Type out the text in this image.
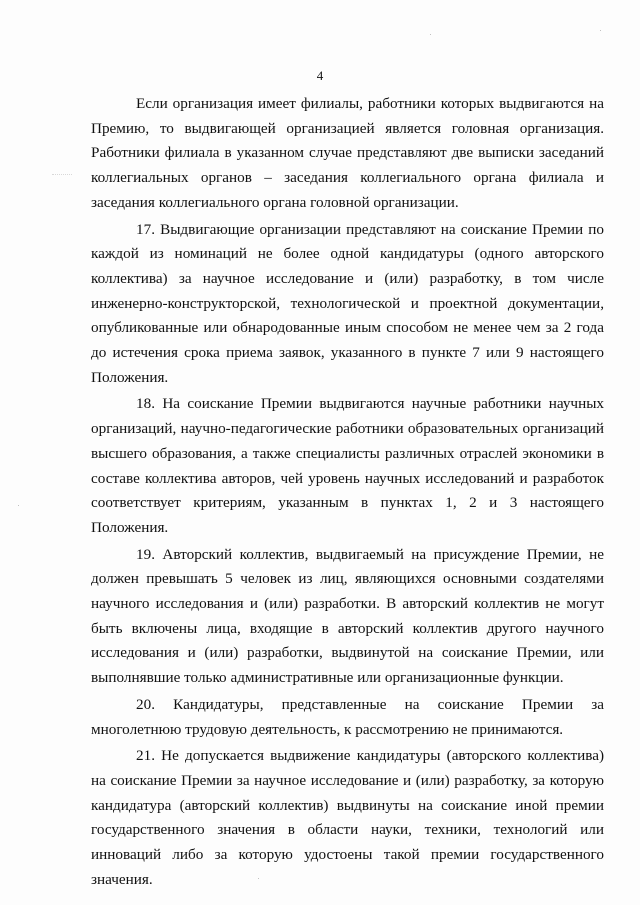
4

Если организация имеет филиалы, работники которых выдвигаются на Премию, то выдвигающей организацией является головная организация. Работники филиала в указанном случае представляют две выписки заседаний коллегиальных органов – заседания коллегиального органа филиала и заседания коллегиального органа головной организации.

17. Выдвигающие организации представляют на соискание Премии по каждой из номинаций не более одной кандидатуры (одного авторского коллектива) за научное исследование и (или) разработку, в том числе инженерно-конструкторской, технологической и проектной документации, опубликованные или обнародованные иным способом не менее чем за 2 года до истечения срока приема заявок, указанного в пункте 7 или 9 настоящего Положения.

18. На соискание Премии выдвигаются научные работники научных организаций, научно-педагогические работники образовательных организаций высшего образования, а также специалисты различных отраслей экономики в составе коллектива авторов, чей уровень научных исследований и разработок соответствует критериям, указанным в пунктах 1, 2 и 3 настоящего Положения.

19. Авторский коллектив, выдвигаемый на присуждение Премии, не должен превышать 5 человек из лиц, являющихся основными создателями научного исследования и (или) разработки. В авторский коллектив не могут быть включены лица, входящие в авторский коллектив другого научного исследования и (или) разработки, выдвинутой на соискание Премии, или выполнявшие только административные или организационные функции.

20. Кандидатуры, представленные на соискание Премии за многолетнюю трудовую деятельность, к рассмотрению не принимаются.

21. Не допускается выдвижение кандидатуры (авторского коллектива) на соискание Премии за научное исследование и (или) разработку, за которую кандидатура (авторский коллектив) выдвинуты на соискание иной премии государственного значения в области науки, техники, технологий или инноваций либо за которую удостоены такой премии государственного значения.
